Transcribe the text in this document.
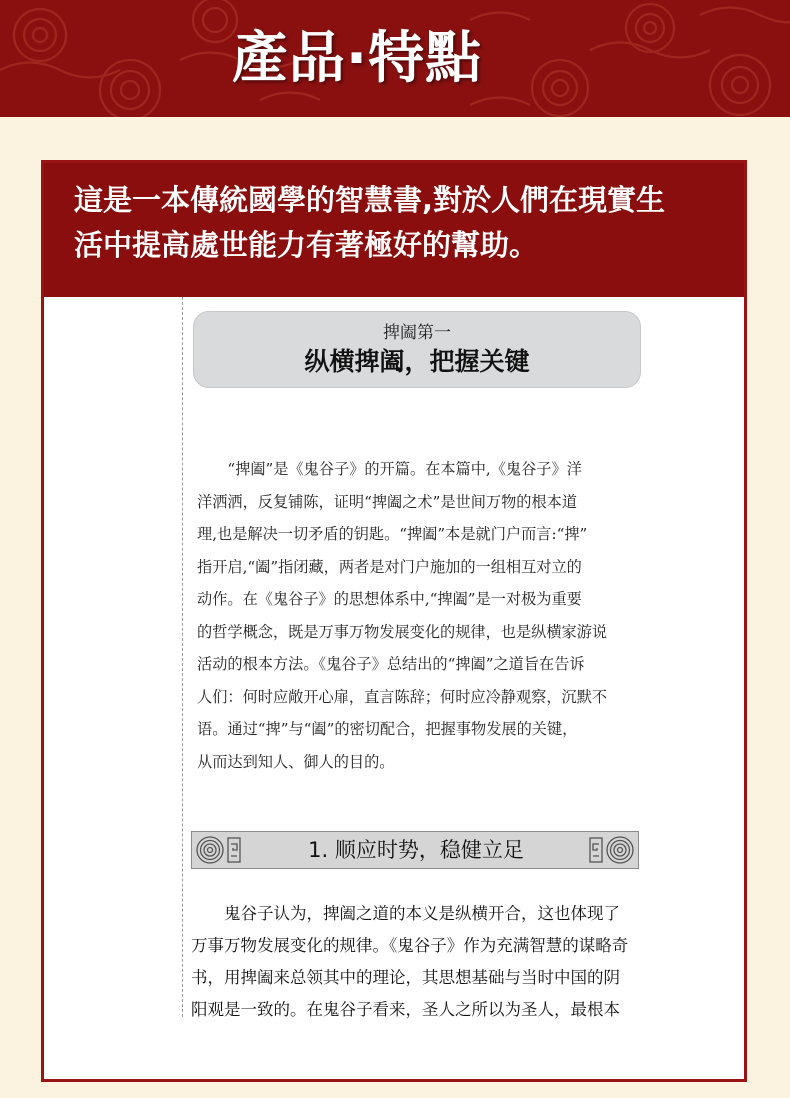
產品·特點

這是一本傳統國學的智慧書,對於人們在現實生

活中提高處世能力有著極好的幫助。

捭阖第一
纵横捭阖，把握关键
　　“捭阖”是《鬼谷子》的开篇。在本篇中,《鬼谷子》洋
洋洒洒，反复铺陈，证明“捭阖之术”是世间万物的根本道
理,也是解决一切矛盾的钥匙。“捭阖”本是就门户而言:“捭”
指开启,“阖”指闭藏，两者是对门户施加的一组相互对立的
动作。在《鬼谷子》的思想体系中,“捭阖”是一对极为重要
的哲学概念，既是万事万物发展变化的规律，也是纵横家游说
活动的根本方法。《鬼谷子》总结出的“捭阖”之道旨在告诉
人们：何时应敞开心扉，直言陈辞；何时应冷静观察，沉默不
语。通过“捭”与“阖”的密切配合，把握事物发展的关键，
从而达到知人、御人的目的。
1. 顺应时势，稳健立足
　　鬼谷子认为，捭阖之道的本义是纵横开合，这也体现了
万事万物发展变化的规律。《鬼谷子》作为充满智慧的谋略奇
书，用捭阖来总领其中的理论，其思想基础与当时中国的阴
阳观是一致的。在鬼谷子看来，圣人之所以为圣人，最根本
